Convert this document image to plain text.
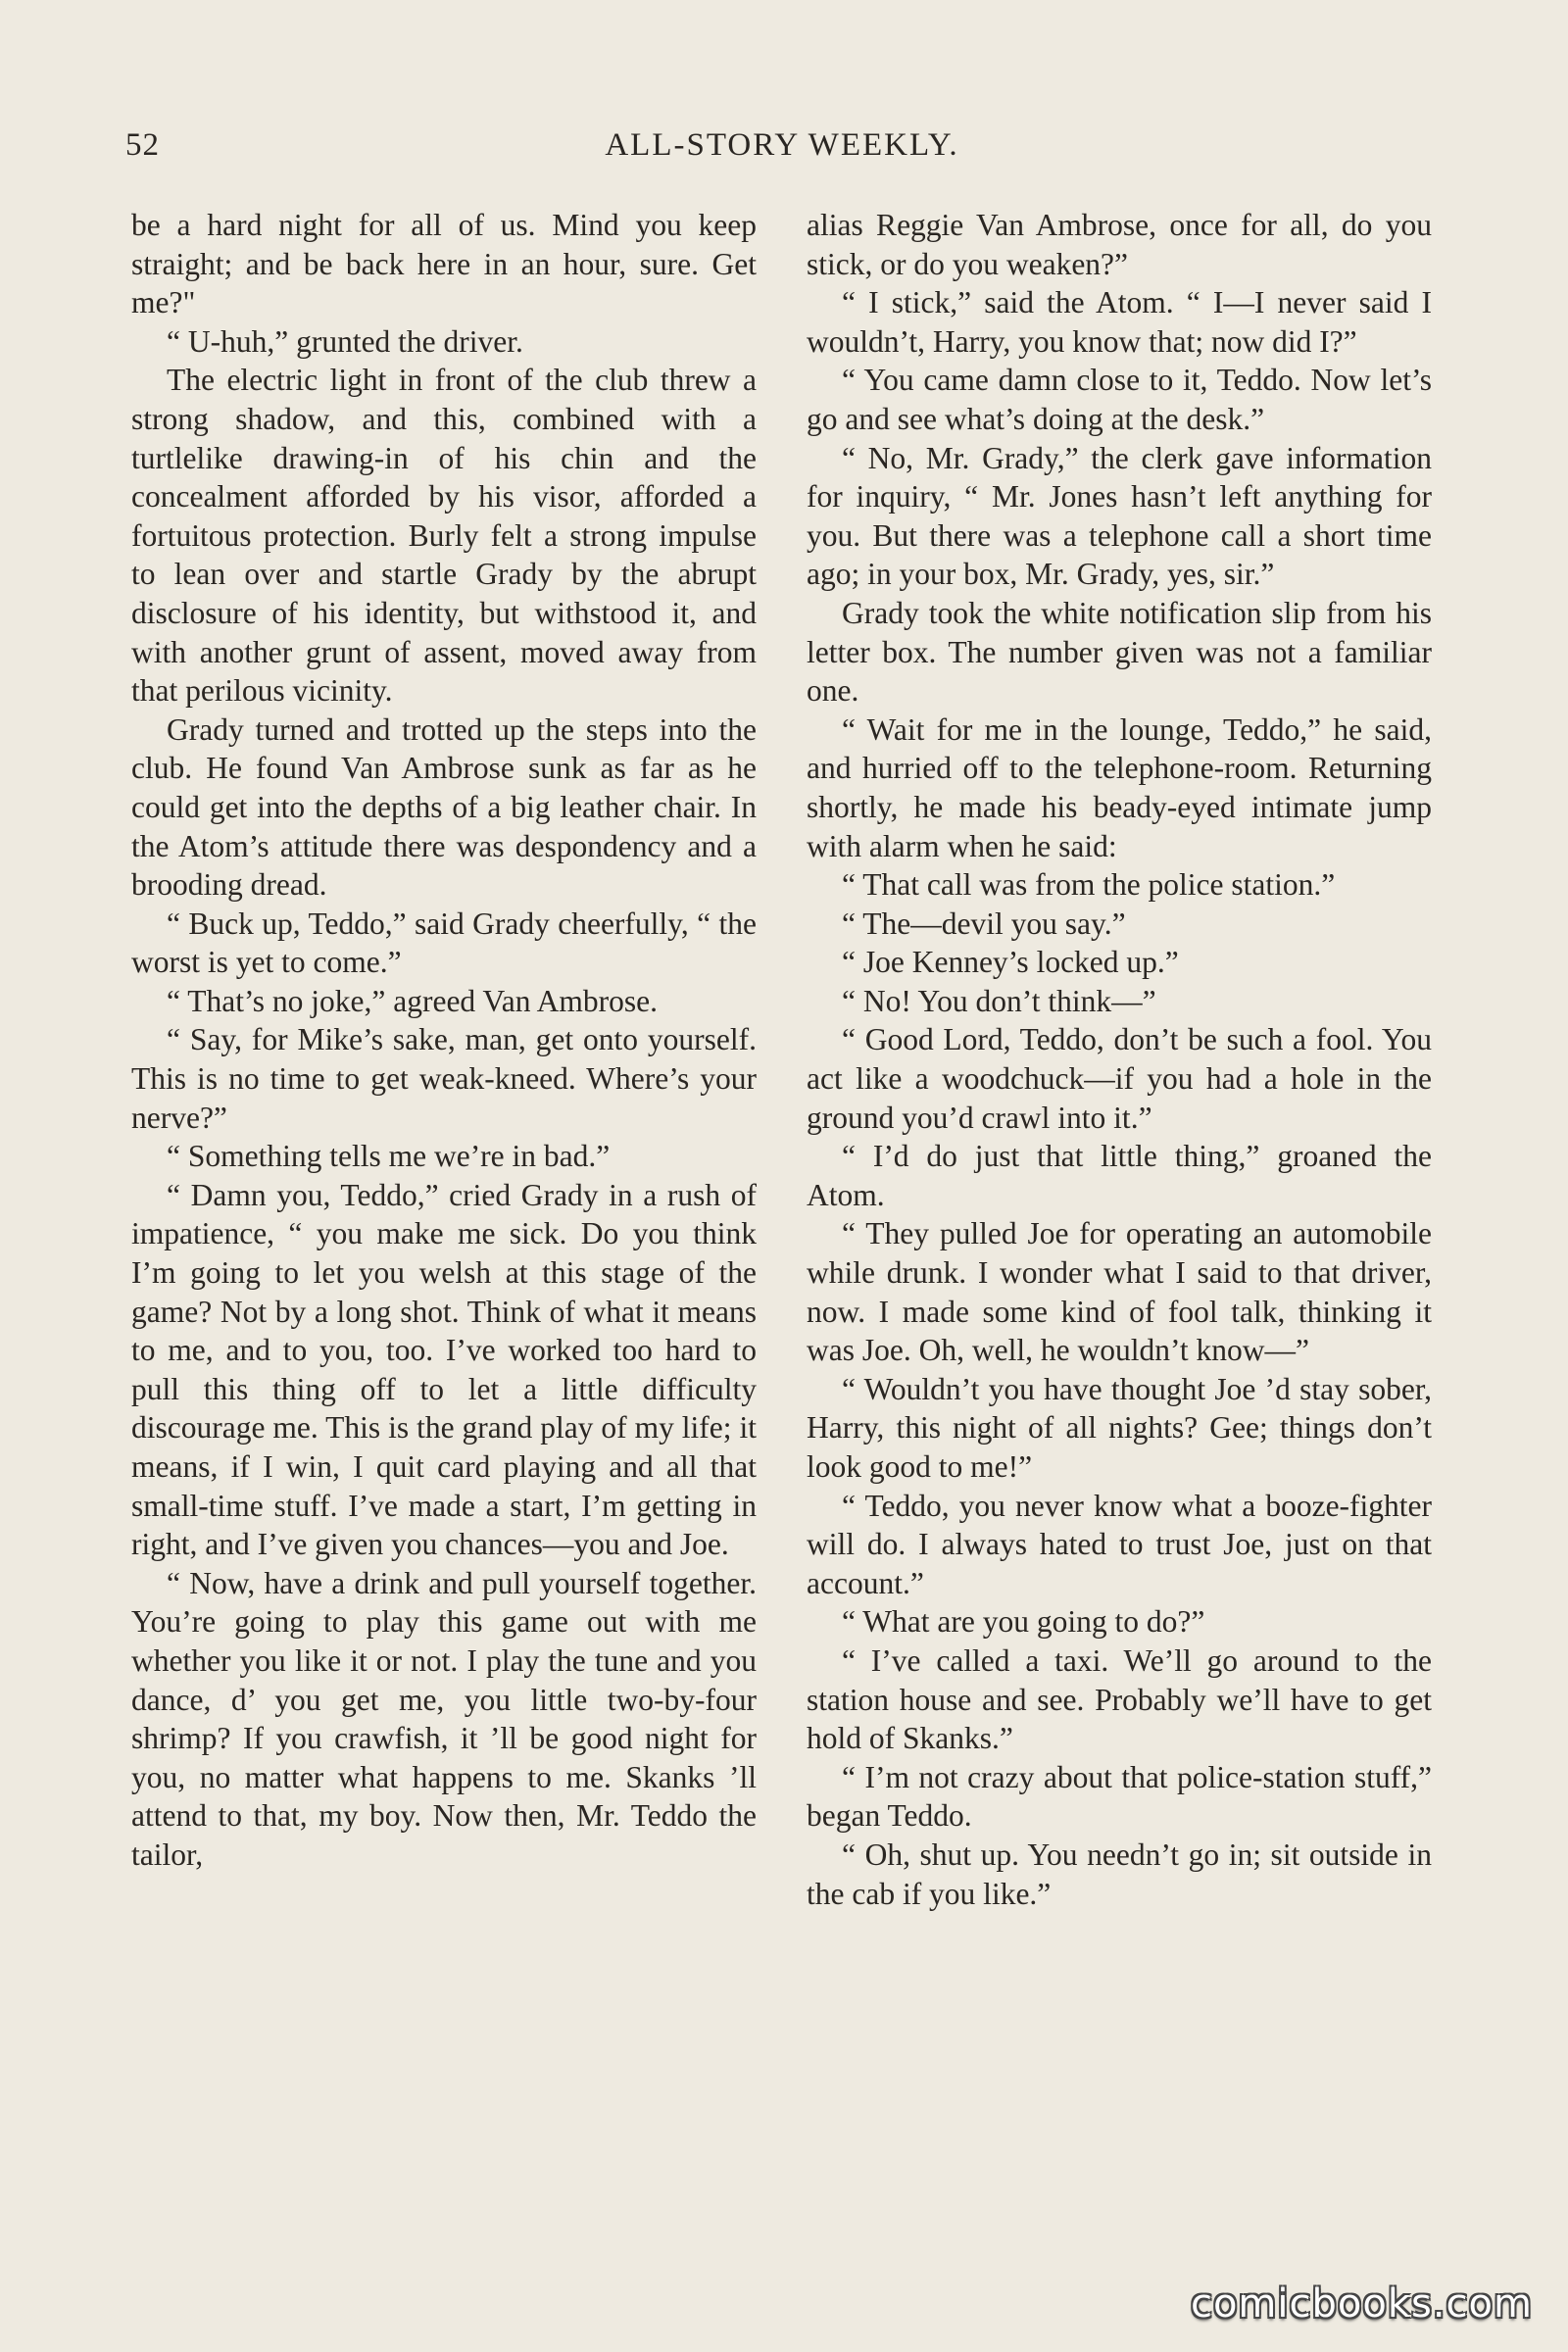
52	ALL-STORY WEEKLY.

be a hard night for all of us. Mind you keep straight; and be back here in an hour, sure. Get me?"

“ U-huh,” grunted the driver.

The electric light in front of the club threw a strong shadow, and this, combined with a turtlelike drawing-in of his chin and the concealment afforded by his visor, afforded a fortuitous protection. Burly felt a strong impulse to lean over and startle Grady by the abrupt disclosure of his identity, but withstood it, and with another grunt of assent, moved away from that perilous vicinity.

Grady turned and trotted up the steps into the club. He found Van Ambrose sunk as far as he could get into the depths of a big leather chair. In the Atom’s attitude there was despondency and a brooding dread.

“ Buck up, Teddo,” said Grady cheerfully, “ the worst is yet to come.”

“ That’s no joke,” agreed Van Ambrose.

“ Say, for Mike’s sake, man, get onto yourself. This is no time to get weak-kneed. Where’s your nerve?”

“ Something tells me we’re in bad.”

“ Damn you, Teddo,” cried Grady in a rush of impatience, “ you make me sick. Do you think I’m going to let you welsh at this stage of the game? Not by a long shot. Think of what it means to me, and to you, too. I’ve worked too hard to pull this thing off to let a little difficulty discourage me. This is the grand play of my life; it means, if I win, I quit card playing and all that small-time stuff. I’ve made a start, I’m getting in right, and I’ve given you chances—you and Joe.

“ Now, have a drink and pull yourself together. You’re going to play this game out with me whether you like it or not. I play the tune and you dance, d’ you get me, you little two-by-four shrimp? If you crawfish, it ’ll be good night for you, no matter what happens to me. Skanks ’ll attend to that, my boy. Now then, Mr. Teddo the tailor,

alias Reggie Van Ambrose, once for all, do you stick, or do you weaken?”

“ I stick,” said the Atom. “ I—I never said I wouldn’t, Harry, you know that; now did I?”

“ You came damn close to it, Teddo. Now let’s go and see what’s doing at the desk.”

“ No, Mr. Grady,” the clerk gave information for inquiry, “ Mr. Jones hasn’t left anything for you. But there was a telephone call a short time ago; in your box, Mr. Grady, yes, sir.”

Grady took the white notification slip from his letter box. The number given was not a familiar one.

“ Wait for me in the lounge, Teddo,” he said, and hurried off to the telephone-room. Returning shortly, he made his beady-eyed intimate jump with alarm when he said:

“ That call was from the police station.”

“ The—devil you say.”

“ Joe Kenney’s locked up.”

“ No! You don’t think—”

“ Good Lord, Teddo, don’t be such a fool. You act like a woodchuck—if you had a hole in the ground you’d crawl into it.”

“ I’d do just that little thing,” groaned the Atom.

“ They pulled Joe for operating an automobile while drunk. I wonder what I said to that driver, now. I made some kind of fool talk, thinking it was Joe. Oh, well, he wouldn’t know—”

“ Wouldn’t you have thought Joe ’d stay sober, Harry, this night of all nights? Gee; things don’t look good to me!”

“ Teddo, you never know what a booze-fighter will do. I always hated to trust Joe, just on that account.”

“ What are you going to do?”

“ I’ve called a taxi. We’ll go around to the station house and see. Probably we’ll have to get hold of Skanks.”

“ I’m not crazy about that police-station stuff,” began Teddo.

“ Oh, shut up. You needn’t go in; sit outside in the cab if you like.”

comicbooks.com
